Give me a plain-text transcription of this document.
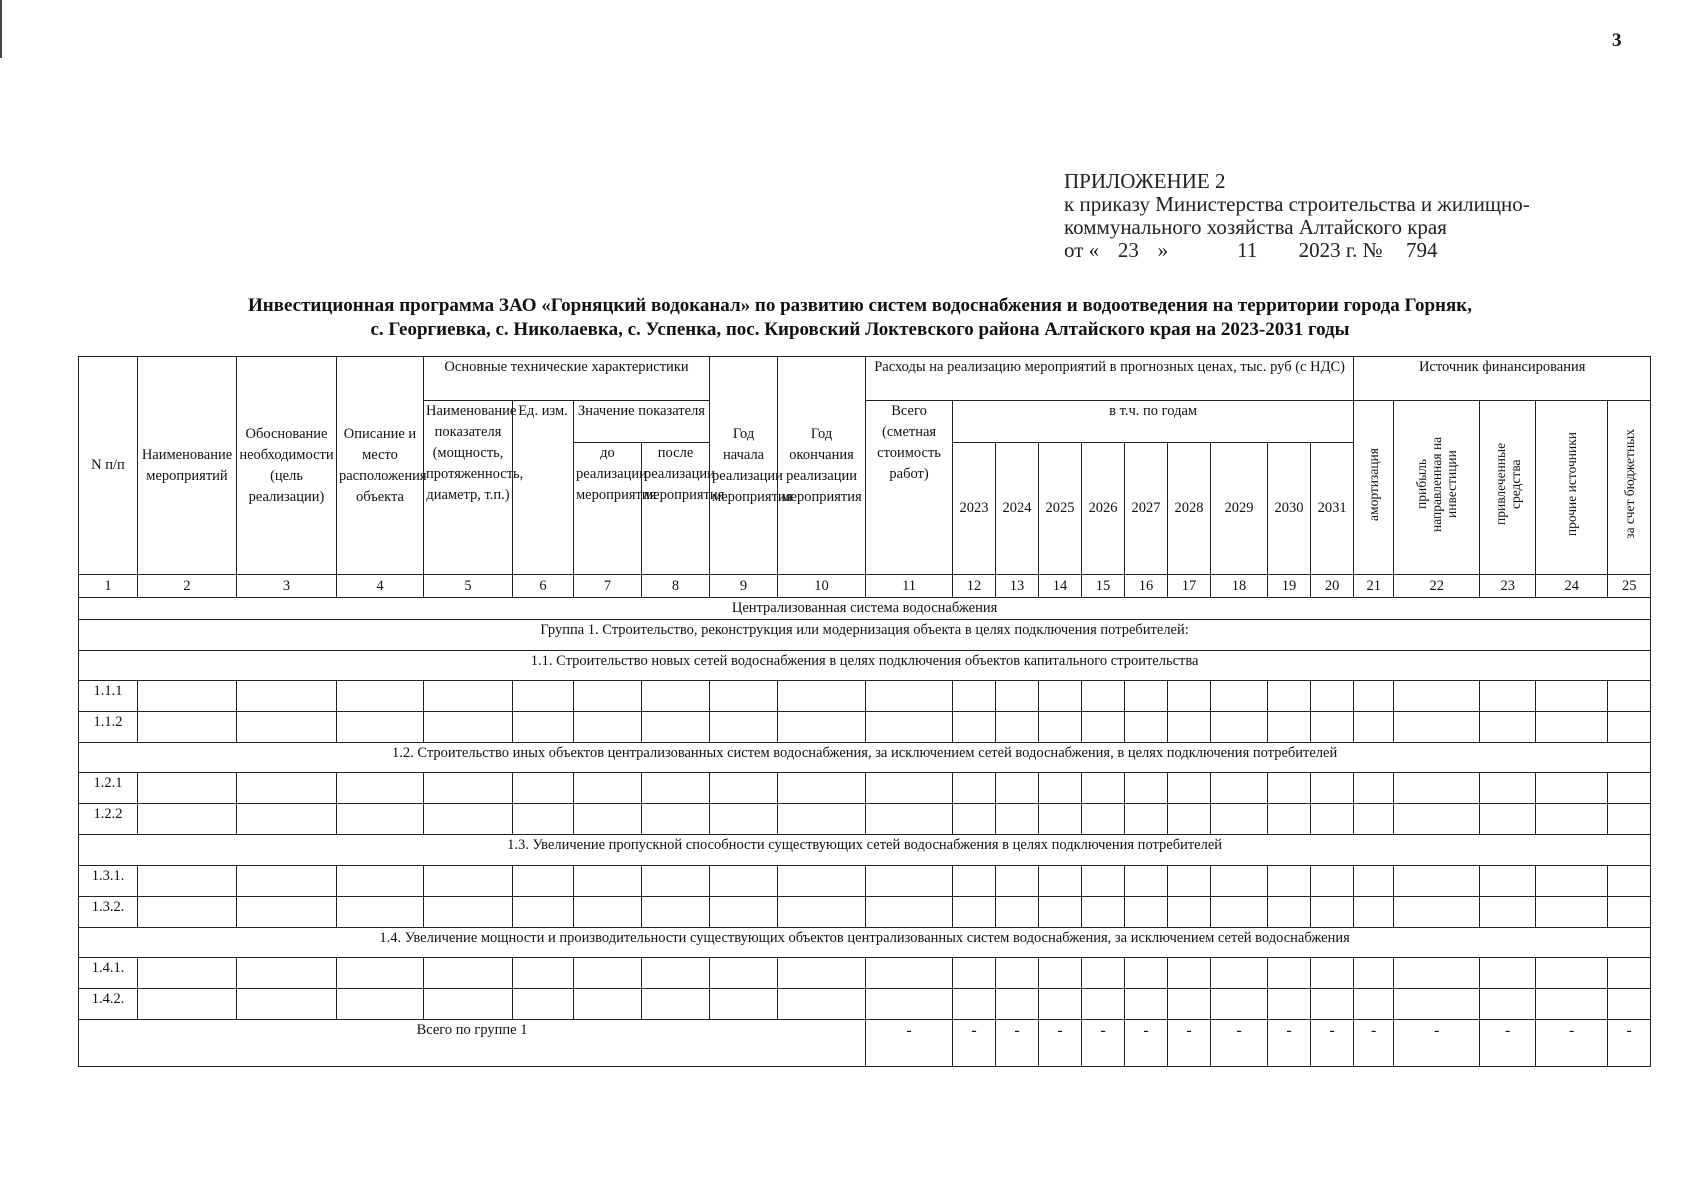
3
ПРИЛОЖЕНИЕ 2
к приказу Министерства строительства и жилищно-
коммунального хозяйства Алтайского края
от « 23 »	11 2023 г. № 794
Инвестиционная программа ЗАО «Горняцкий водоканал» по развитию систем водоснабжения и водоотведения на территории города Горняк,
с. Георгиевка, с. Николаевка, с. Успенка, пос. Кировский Локтевского района Алтайского края на 2023-2031 годы
N п/п	Наименование мероприятий	Обоснование необходимости (цель реализации)	Описание и место расположения объекта	Основные технические характеристики				Год начала реализации мероприятия	Год окончания реализации мероприятия	Расходы на реализацию мероприятий в прогнозных ценах, тыс. руб (с НДС)										Источник финансирования				
				Наименование показателя (мощность, протяженность, диаметр, т.п.)	Ед. изм.	Значение показателя				Всего (сметная стоимость работ)	в т.ч. по годам									амортизация	прибыль направленная на инвестиции	привлеченные средства	прочие источники	за счет бюджетных
						до реализации мероприятия	после реализации мероприятия				2023	2024	2025	2026	2027	2028	2029	2030	2031					

1	2	3	4	5	6	7	8	9	10	11	12	13	14	15	16	17	18	19	20	21	22	23	24	25
Централизованная система водоснабжения																								
Группа 1. Строительство, реконструкция или модернизация объекта в целях подключения потребителей:																								
1.1. Строительство новых сетей водоснабжения в целях подключения объектов капитального строительства																								
1.1.1																								
1.1.2																								
1.2. Строительство иных объектов централизованных систем водоснабжения, за исключением сетей водоснабжения, в целях подключения потребителей																								
1.2.1																								
1.2.2																								
1.3. Увеличение пропускной способности существующих сетей водоснабжения в целях подключения потребителей																								
1.3.1.																								
1.3.2.																								
1.4. Увеличение мощности и производительности существующих объектов централизованных систем водоснабжения, за исключением сетей водоснабжения																								
1.4.1.																								
1.4.2.																								
Всего по группе 1										-	-	-	-	-	-	-	-	-	-	-	-	-	-	-
